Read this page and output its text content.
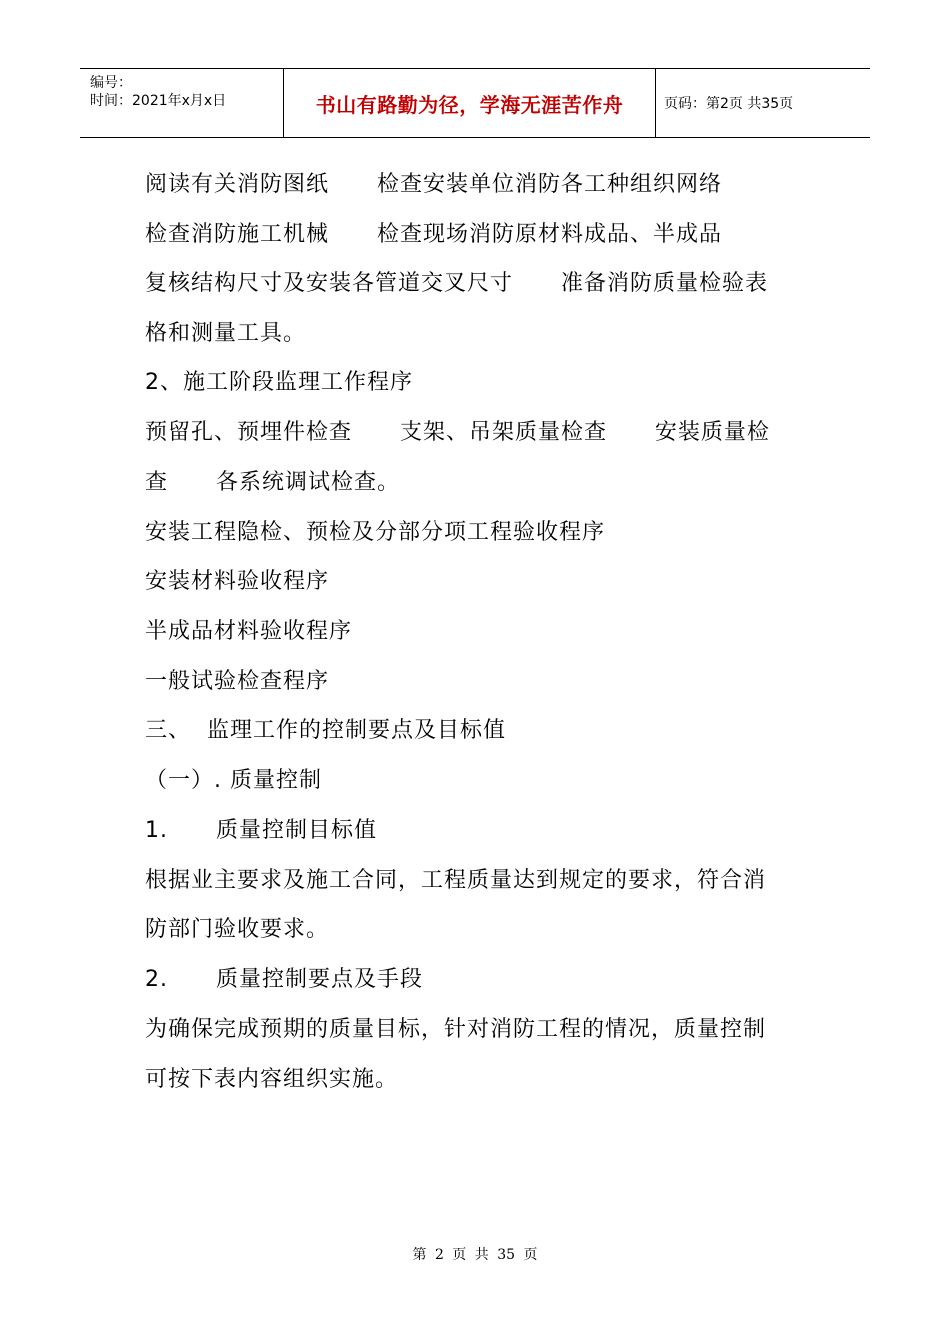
编号：
时间：2021年x月x日	书山有路勤为径，学海无涯苦作舟	页码：第2页 共35页
阅读有关消防图纸      检查安装单位消防各工种组织网络
检查消防施工机械      检查现场消防原材料成品、半成品
复核结构尺寸及安装各管道交叉尺寸      准备消防质量检验表
格和测量工具。
2、施工阶段监理工作程序
预留孔、预埋件检查      支架、吊架质量检查      安装质量检
查      各系统调试检查。
安装工程隐检、预检及分部分项工程验收程序
安装材料验收程序
半成品材料验收程序
一般试验检查程序
三、  监理工作的控制要点及目标值
（一）. 质量控制
1.      质量控制目标值
根据业主要求及施工合同，工程质量达到规定的要求，符合消
防部门验收要求。
2.      质量控制要点及手段
为确保完成预期的质量目标，针对消防工程的情况，质量控制
可按下表内容组织实施。
第 2 页 共 35 页
